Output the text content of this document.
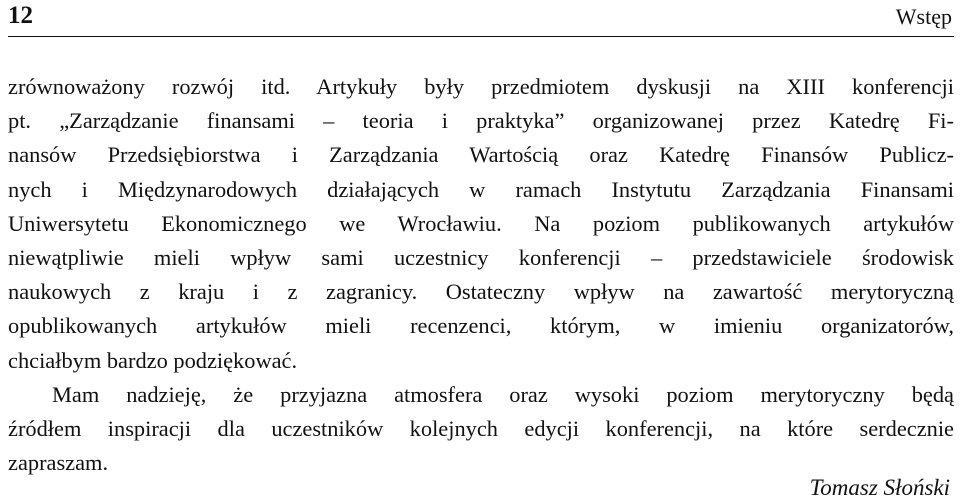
12	Wstęp
zrównoważony rozwój itd. Artykuły były przedmiotem dyskusji na XIII konferencji
pt. „Zarządzanie finansami – teoria i praktyka” organizowanej przez Katedrę Fi-
nansów Przedsiębiorstwa i Zarządzania Wartością oraz Katedrę Finansów Publicz-
nych i Międzynarodowych działających w ramach Instytutu Zarządzania Finansami
Uniwersytetu Ekonomicznego we Wrocławiu. Na poziom publikowanych artykułów
niewątpliwie mieli wpływ sami uczestnicy konferencji – przedstawiciele środowisk
naukowych z kraju i z zagranicy. Ostateczny wpływ na zawartość merytoryczną
opublikowanych artykułów mieli recenzenci, którym, w imieniu organizatorów,
chciałbym bardzo podziękować.
Mam nadzieję, że przyjazna atmosfera oraz wysoki poziom merytoryczny będą
źródłem inspiracji dla uczestników kolejnych edycji konferencji, na które serdecznie
zapraszam.
Tomasz Słoński
